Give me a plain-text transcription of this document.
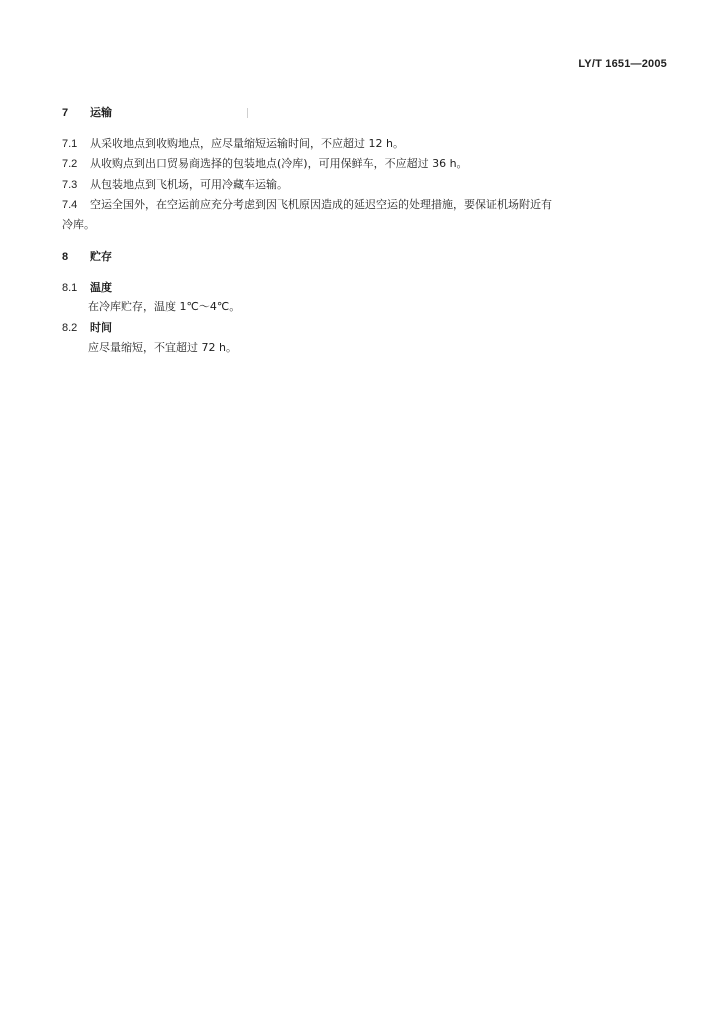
LY/T 1651—2005
7 运输
7.1 从采收地点到收购地点，应尽量缩短运输时间，不应超过 12 h。
7.2 从收购点到出口贸易商选择的包装地点(冷库)，可用保鲜车，不应超过 36 h。
7.3 从包装地点到飞机场，可用冷藏车运输。
7.4 空运全国外，在空运前应充分考虑到因飞机原因造成的延迟空运的处理措施，要保证机场附近有
冷库。
8 贮存
8.1 温度
在冷库贮存，温度 1℃～4℃。
8.2 时间
应尽量缩短，不宜超过 72 h。
